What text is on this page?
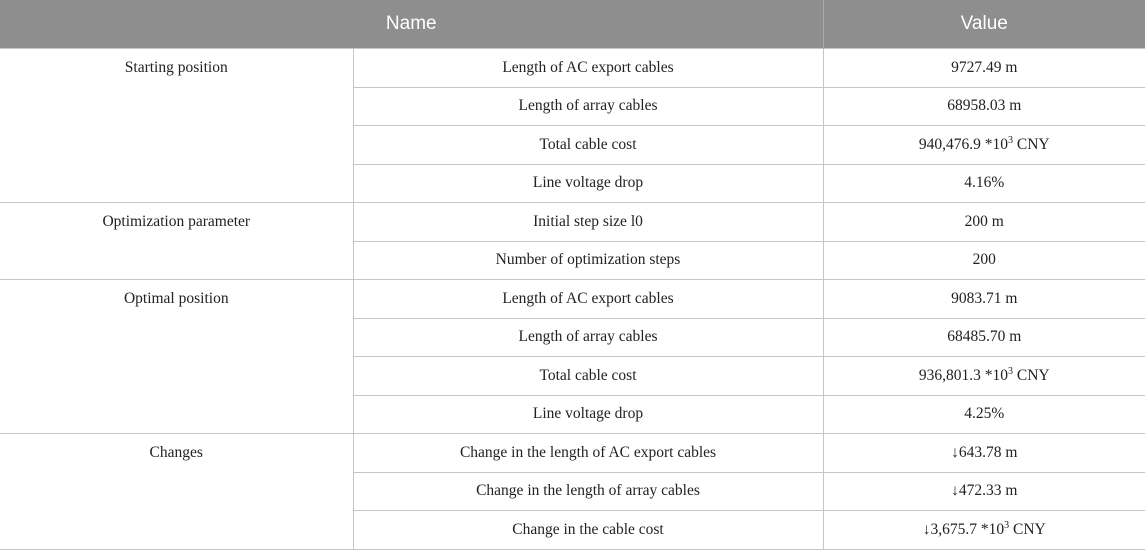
Name		Value
Starting position	Length of AC export cables	9727.49 m
	Length of array cables	68958.03 m
	Total cable cost	940,476.9 $*10^3$ CNY
	Line voltage drop	4.16%
Optimization parameter	Initial step size l0	200 m
	Number of optimization steps	200
Optimal position	Length of AC export cables	9083.71 m
	Length of array cables	68485.70 m
	Total cable cost	936,801.3 $*10^3$ CNY
	Line voltage drop	4.25%
Changes	Change in the length of AC export cables	↓643.78 m
	Change in the length of array cables	↓472.33 m
	Change in the cable cost	↓3,675.7 $*10^3$ CNY
